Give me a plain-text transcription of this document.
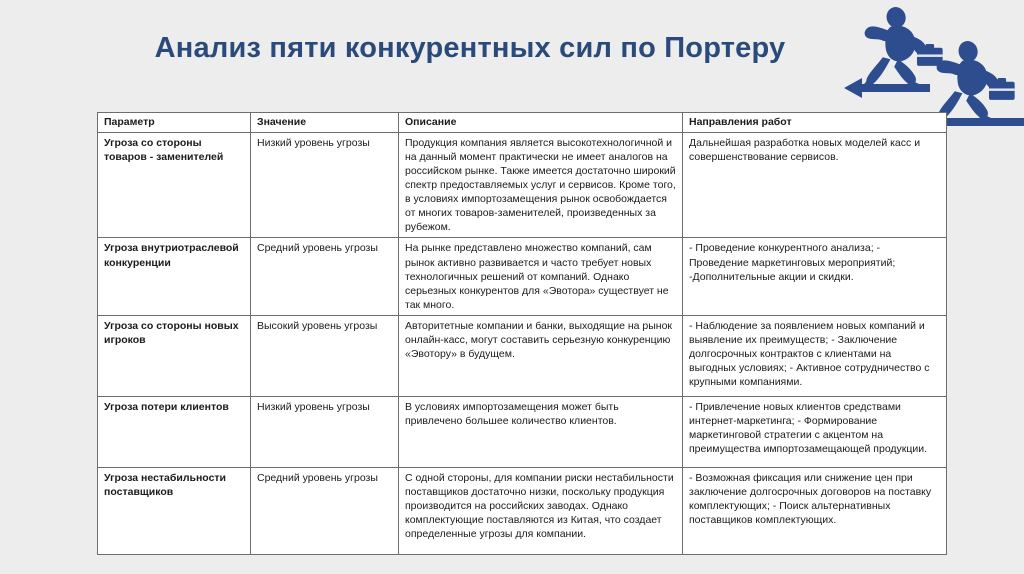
Анализ пяти конкурентных сил по Портеру
Параметр	Значение	Описание	Направления работ
Угроза со стороны товаров - заменителей	Низкий уровень угрозы	Продукция компания является высокотехнологичной и на данный момент практически не имеет аналогов на российском рынке. Также имеется достаточно широкий спектр предоставляемых услуг и сервисов. Кроме того, в условиях импортозамещения рынок освобождается от многих товаров-заменителей, произведенных за рубежом.	Дальнейшая разработка новых моделей касс и совершенствование сервисов.
Угроза внутриотраслевой конкуренции	Средний уровень угрозы	На рынке представлено множество компаний, сам рынок активно развивается и часто требует новых технологичных решений от компаний. Однако серьезных конкурентов для «Эвотора» существует не так много.	- Проведение конкурентного анализа; - Проведение маркетинговых мероприятий; -Дополнительные акции и скидки.
Угроза со стороны новых игроков	Высокий уровень угрозы	Авторитетные компании и банки, выходящие на рынок онлайн-касс, могут составить серьезную конкуренцию «Эвотору» в будущем.	- Наблюдение за появлением новых компаний и выявление их преимуществ; - Заключение долгосрочных контрактов с клиентами на выгодных условиях; - Активное сотрудничество с крупными компаниями.
Угроза потери клиентов	Низкий уровень угрозы	В условиях импортозамещения может быть привлечено большее количество клиентов.	- Привлечение новых клиентов средствами интернет-маркетинга; - Формирование маркетинговой стратегии с акцентом на преимущества импортозамещающей продукции.
Угроза нестабильности поставщиков	Средний уровень угрозы	С одной стороны, для компании риски нестабильности поставщиков достаточно низки, поскольку продукция производится на российских заводах. Однако комплектующие поставляются из Китая, что создает определенные угрозы для компании.	- Возможная фиксация или снижение цен при заключение долгосрочных договоров на поставку комплектующих; - Поиск альтернативных поставщиков комплектующих.
